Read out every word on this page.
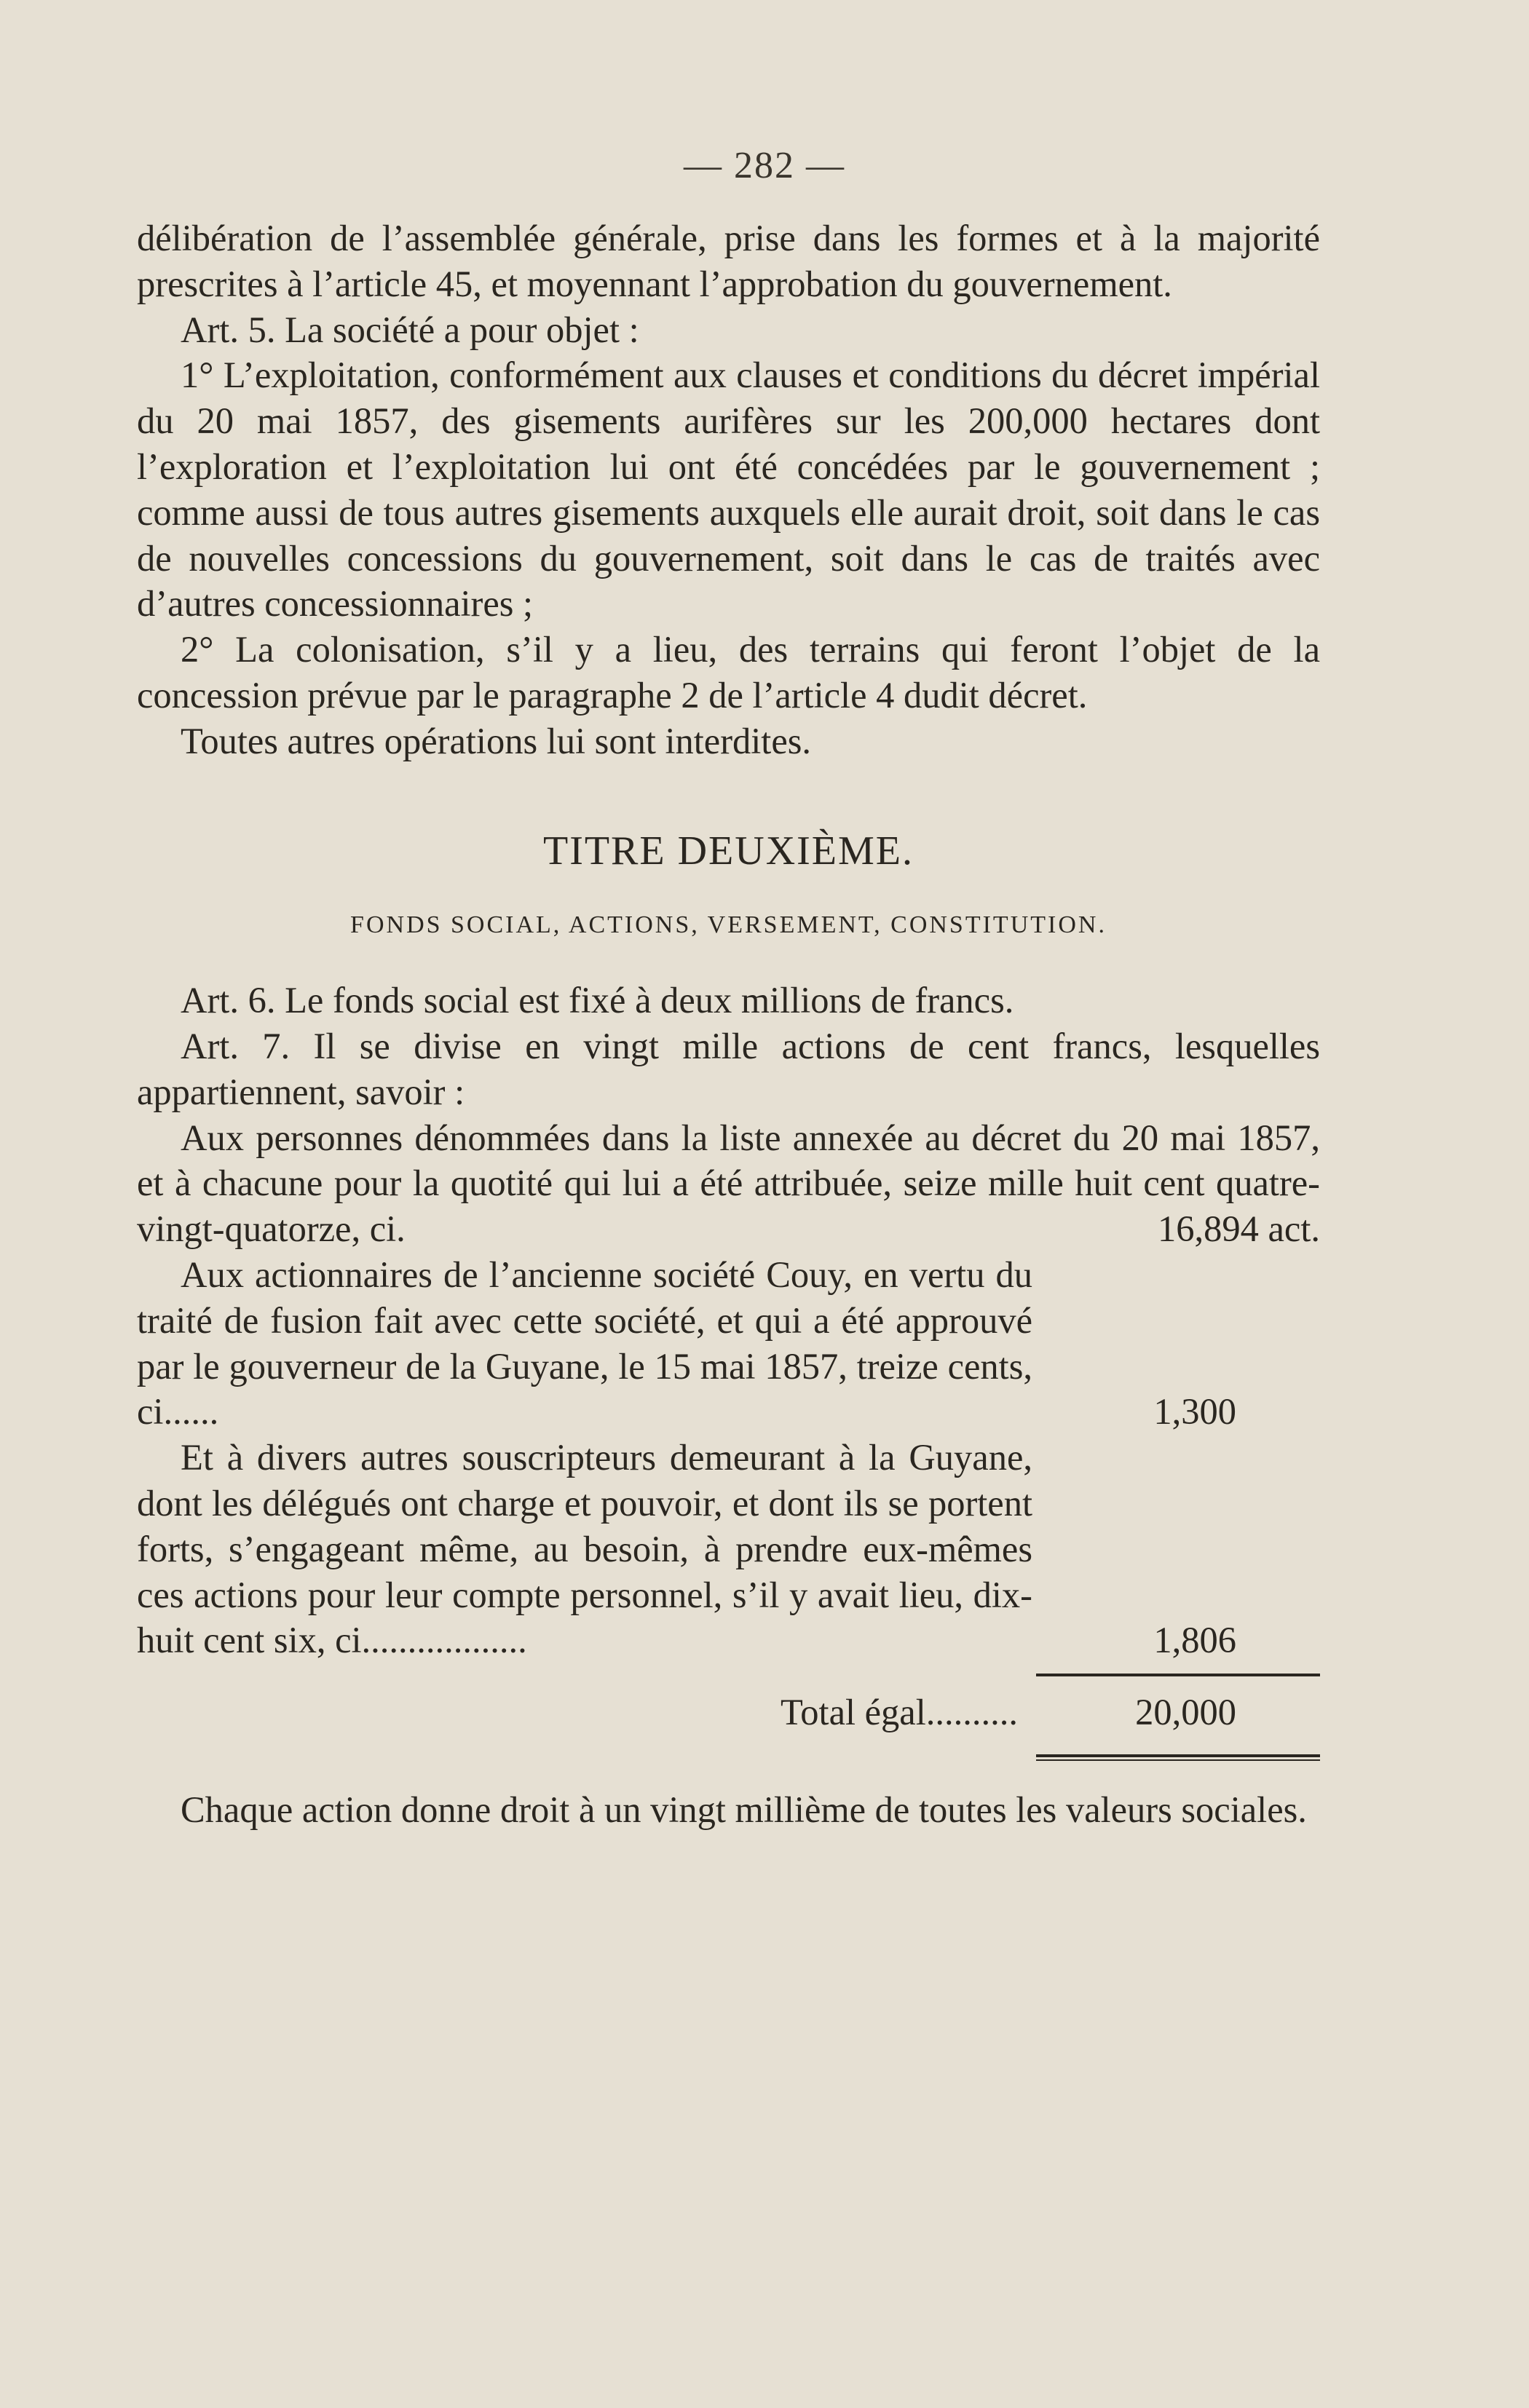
— 282 —

délibération de l’assemblée générale, prise dans les formes et à la majorité prescrites à l’article 45, et moyennant l’approbation du gouvernement.

Art. 5. La société a pour objet :

1° L’exploitation, conformément aux clauses et conditions du décret impérial du 20 mai 1857, des gisements aurifères sur les 200,000 hectares dont l’exploration et l’exploitation lui ont été concédées par le gouvernement ; comme aussi de tous autres gisements auxquels elle aurait droit, soit dans le cas de nouvelles concessions du gouvernement, soit dans le cas de traités avec d’autres concessionnaires ;

2° La colonisation, s’il y a lieu, des terrains qui feront l’objet de la concession prévue par le paragraphe 2 de l’article 4 dudit décret.

Toutes autres opérations lui sont interdites.

TITRE DEUXIÈME.
FONDS SOCIAL, ACTIONS, VERSEMENT, CONSTITUTION.

Art. 6. Le fonds social est fixé à deux millions de francs.

Art. 7. Il se divise en vingt mille actions de cent francs, lesquelles appartiennent, savoir :

Aux personnes dénommées dans la liste annexée au décret du 20 mai 1857, et à chacune pour la quotité qui lui a été attribuée, seize mille huit cent quatre-vingt-quatorze, ci.	16,894 act.

Aux actionnaires de l’ancienne société Couy, en vertu du traité de fusion fait avec cette société, et qui a été approuvé par le gouverneur de la Guyane, le 15 mai 1857, treize cents, ci......	1,300
Et à divers autres souscripteurs demeurant à la Guyane, dont les délégués ont charge et pouvoir, et dont ils se portent forts, s’engageant même, au besoin, à prendre eux-mêmes ces actions pour leur compte personnel, s’il y avait lieu, dix-huit cent six, ci..................	1,806
Total égal..........	20,000

Chaque action donne droit à un vingt millième de toutes les valeurs sociales.
